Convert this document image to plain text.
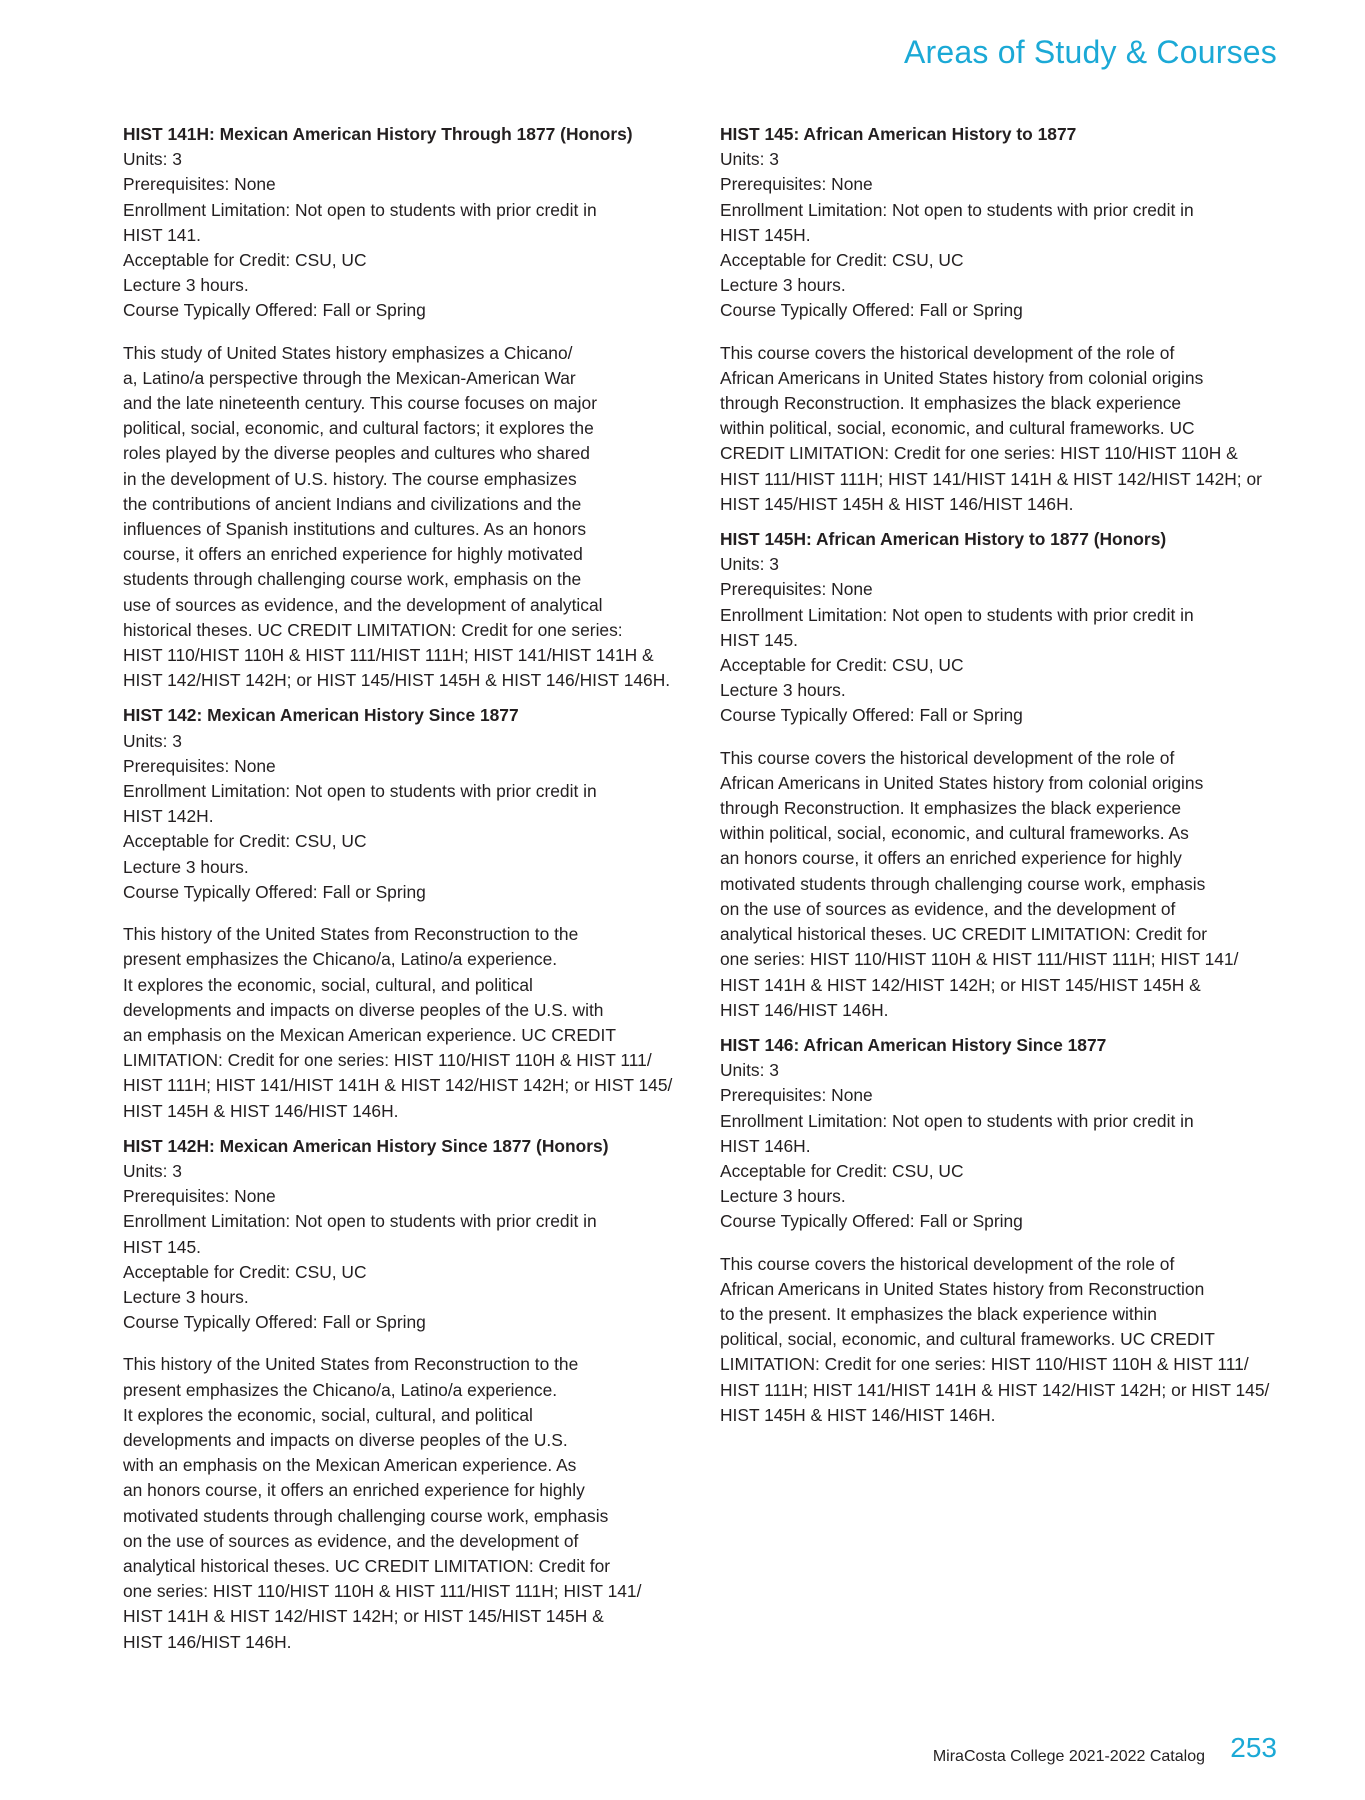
Areas of Study & Courses
HIST 141H: Mexican American History Through 1877 (Honors)
Units: 3
Prerequisites: None
Enrollment Limitation: Not open to students with prior credit in
HIST 141.
Acceptable for Credit: CSU, UC
Lecture 3 hours.
Course Typically Offered: Fall or Spring
This study of United States history emphasizes a Chicano/
a, Latino/a perspective through the Mexican-American War
and the late nineteenth century. This course focuses on major
political, social, economic, and cultural factors; it explores the
roles played by the diverse peoples and cultures who shared
in the development of U.S. history. The course emphasizes
the contributions of ancient Indians and civilizations and the
influences of Spanish institutions and cultures. As an honors
course, it offers an enriched experience for highly motivated
students through challenging course work, emphasis on the
use of sources as evidence, and the development of analytical
historical theses. UC CREDIT LIMITATION: Credit for one series:
HIST 110/HIST 110H & HIST 111/HIST 111H; HIST 141/HIST 141H &
HIST 142/HIST 142H; or HIST 145/HIST 145H & HIST 146/HIST 146H.
HIST 142: Mexican American History Since 1877
Units: 3
Prerequisites: None
Enrollment Limitation: Not open to students with prior credit in
HIST 142H.
Acceptable for Credit: CSU, UC
Lecture 3 hours.
Course Typically Offered: Fall or Spring
This history of the United States from Reconstruction to the
present emphasizes the Chicano/a, Latino/a experience.
It explores the economic, social, cultural, and political
developments and impacts on diverse peoples of the U.S. with
an emphasis on the Mexican American experience. UC CREDIT
LIMITATION: Credit for one series: HIST 110/HIST 110H & HIST 111/
HIST 111H; HIST 141/HIST 141H & HIST 142/HIST 142H; or HIST 145/
HIST 145H & HIST 146/HIST 146H.
HIST 142H: Mexican American History Since 1877 (Honors)
Units: 3
Prerequisites: None
Enrollment Limitation: Not open to students with prior credit in
HIST 145.
Acceptable for Credit: CSU, UC
Lecture 3 hours.
Course Typically Offered: Fall or Spring
This history of the United States from Reconstruction to the
present emphasizes the Chicano/a, Latino/a experience.
It explores the economic, social, cultural, and political
developments and impacts on diverse peoples of the U.S.
with an emphasis on the Mexican American experience. As
an honors course, it offers an enriched experience for highly
motivated students through challenging course work, emphasis
on the use of sources as evidence, and the development of
analytical historical theses. UC CREDIT LIMITATION: Credit for
one series: HIST 110/HIST 110H & HIST 111/HIST 111H; HIST 141/
HIST 141H & HIST 142/HIST 142H; or HIST 145/HIST 145H &
HIST 146/HIST 146H.
HIST 145: African American History to 1877
Units: 3
Prerequisites: None
Enrollment Limitation: Not open to students with prior credit in
HIST 145H.
Acceptable for Credit: CSU, UC
Lecture 3 hours.
Course Typically Offered: Fall or Spring
This course covers the historical development of the role of
African Americans in United States history from colonial origins
through Reconstruction. It emphasizes the black experience
within political, social, economic, and cultural frameworks. UC
CREDIT LIMITATION: Credit for one series: HIST 110/HIST 110H &
HIST 111/HIST 111H; HIST 141/HIST 141H & HIST 142/HIST 142H; or
HIST 145/HIST 145H & HIST 146/HIST 146H.
HIST 145H: African American History to 1877 (Honors)
Units: 3
Prerequisites: None
Enrollment Limitation: Not open to students with prior credit in
HIST 145.
Acceptable for Credit: CSU, UC
Lecture 3 hours.
Course Typically Offered: Fall or Spring
This course covers the historical development of the role of
African Americans in United States history from colonial origins
through Reconstruction. It emphasizes the black experience
within political, social, economic, and cultural frameworks. As
an honors course, it offers an enriched experience for highly
motivated students through challenging course work, emphasis
on the use of sources as evidence, and the development of
analytical historical theses. UC CREDIT LIMITATION: Credit for
one series: HIST 110/HIST 110H & HIST 111/HIST 111H; HIST 141/
HIST 141H & HIST 142/HIST 142H; or HIST 145/HIST 145H &
HIST 146/HIST 146H.
HIST 146: African American History Since 1877
Units: 3
Prerequisites: None
Enrollment Limitation: Not open to students with prior credit in
HIST 146H.
Acceptable for Credit: CSU, UC
Lecture 3 hours.
Course Typically Offered: Fall or Spring
This course covers the historical development of the role of
African Americans in United States history from Reconstruction
to the present. It emphasizes the black experience within
political, social, economic, and cultural frameworks. UC CREDIT
LIMITATION: Credit for one series: HIST 110/HIST 110H & HIST 111/
HIST 111H; HIST 141/HIST 141H & HIST 142/HIST 142H; or HIST 145/
HIST 145H & HIST 146/HIST 146H.
MiraCosta College 2021-2022 Catalog 253
